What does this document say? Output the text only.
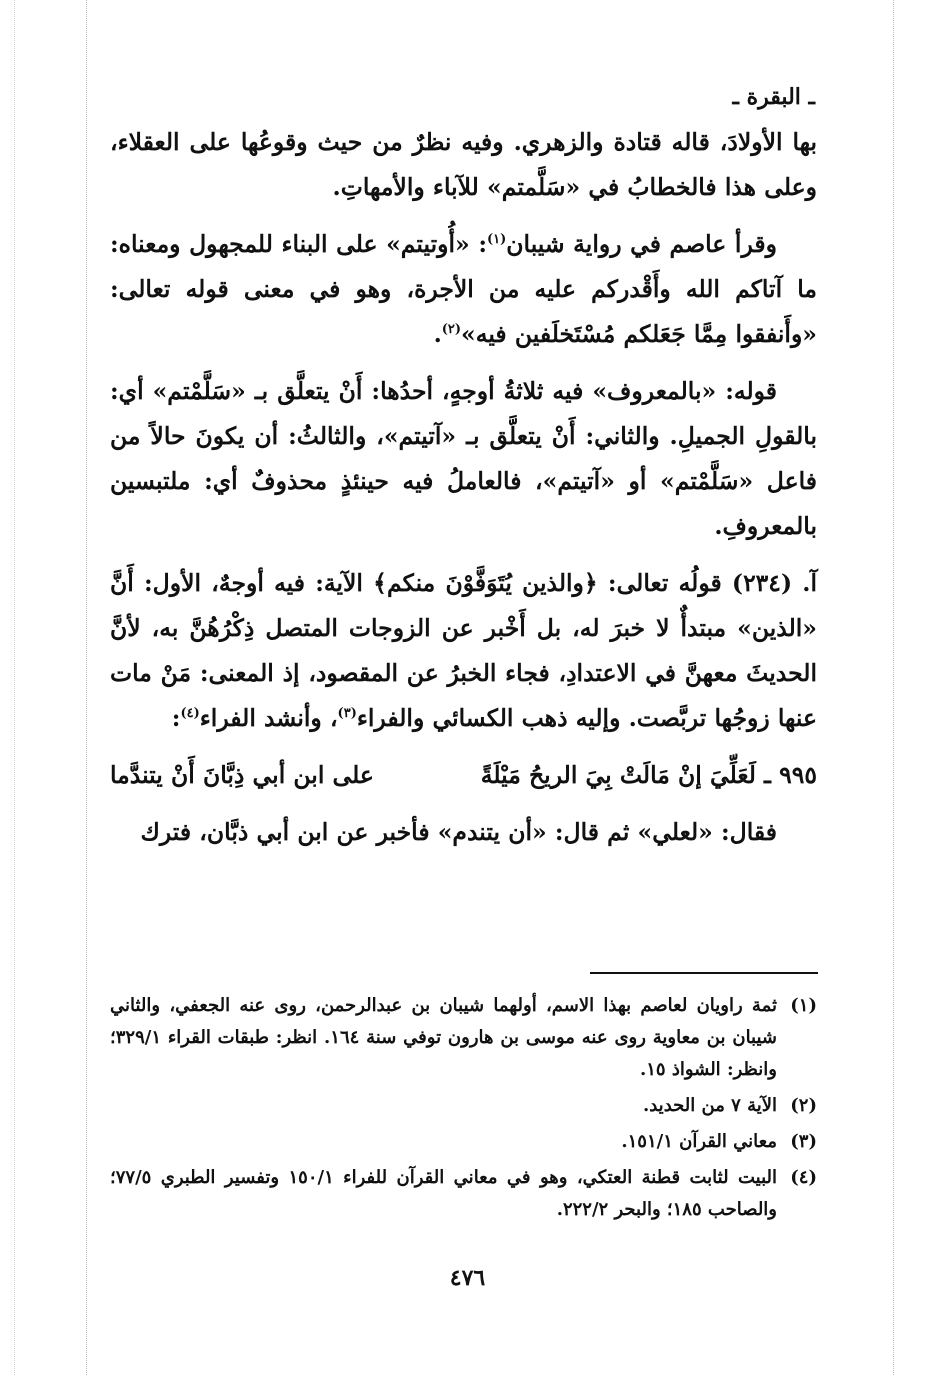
ـ البقرة ـ

بها الأولادَ، قاله قتادة والزهري. وفيه نظرٌ من حيث وقوعُها على العقلاء، وعلى هذا فالخطابُ في «سَلَّمتم» للآباء والأمهاتِ.

وقرأ عاصم في رواية شيبان$^{(١)}$: «أُوتيتم» على البناء للمجهول ومعناه: ما آتاكم الله وأَقْدركم عليه من الأجرة، وهو في معنى قوله تعالى: «وأَنفقوا مِمَّا جَعَلكم مُسْتَخلَفين فيه»$^{(٢)}$.

قوله: «بالمعروف» فيه ثلاثةُ أوجهٍ، أحدُها: أَنْ يتعلَّق بـ «سَلَّمْتم» أي: بالقولِ الجميلِ. والثاني: أَنْ يتعلَّق بـ «آتيتم»، والثالثُ: أن يكونَ حالاً من فاعل «سَلَّمْتم» أو «آتيتم»، فالعاملُ فيه حينئذٍ محذوفٌ أي: ملتبسين بالمعروفِ.

آ. (٢٣٤) قولُه تعالى: ﴿والذين يُتَوَفَّوْنَ منكم﴾ الآية: فيه أوجهٌ، الأول: أَنَّ «الذين» مبتدأٌ لا خبرَ له، بل أَخْبر عن الزوجات المتصل ذِكْرُهُنَّ به، لأنَّ الحديثَ معهنَّ في الاعتدادِ، فجاء الخبرُ عن المقصود، إذ المعنى: مَنْ مات عنها زوجُها تربَّصت. وإليه ذهب الكسائي والفراء$^{(٣)}$، وأنشد الفراء$^{(٤)}$:

٩٩٥ ـ لَعَلِّيَ إنْ مَالَتْ بِيَ الريحُ مَيْلَةً
على ابن أبي ذِبَّانَ أَنْ يتندَّما

فقال: «لعلي» ثم قال: «أن يتندم» فأخبر عن ابن أبي ذبَّان، فترك

(١)
ثمة راويان لعاصم بهذا الاسم، أولهما شيبان بن عبدالرحمن، روى عنه الجعفي، والثاني شيبان بن معاوية روى عنه موسى بن هارون توفي سنة ١٦٤. انظر: طبقات القراء ٣٢٩/١؛ وانظر: الشواذ ١٥.
(٢)
الآية ٧ من الحديد.
(٣)
معاني القرآن ١٥١/١.
(٤)
البيت لثابت قطنة العتكي، وهو في معاني القرآن للفراء ١٥٠/١ وتفسير الطبري ٧٧/٥؛ والصاحب ١٨٥؛ والبحر ٢٢٢/٢.
٤٧٦
